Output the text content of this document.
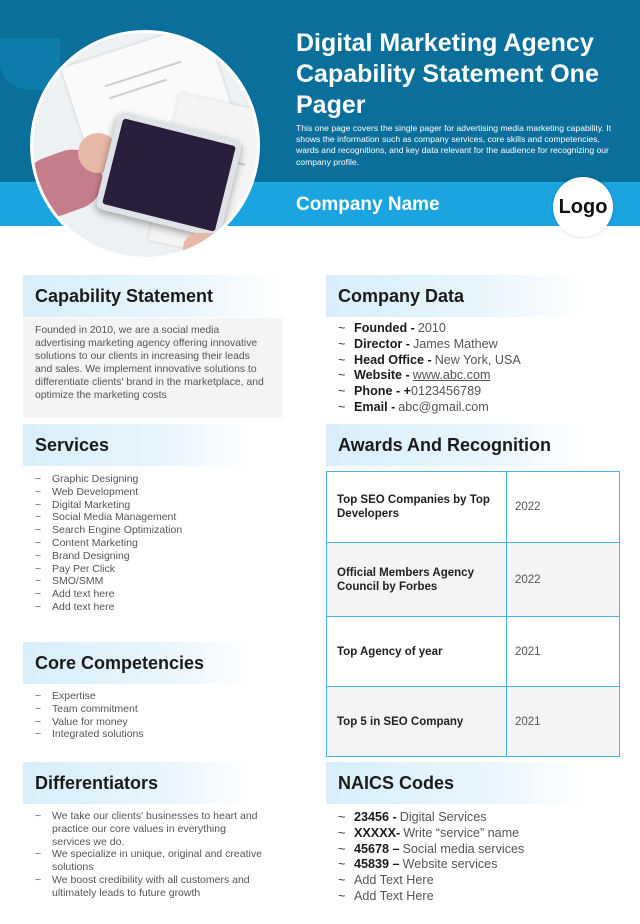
Digital Marketing Agency Capability Statement One Pager
This one page covers the single pager for advertising media marketing capability. It shows the information such as company services, core skills and competencies, wards and recognitions, and key data relevant for the audience for recognizing our company profile.
Company Name	Logo
Capability Statement
Founded in 2010, we are a social media advertising marketing agency offering innovative solutions to our clients in increasing their leads and sales. We implement innovative solutions to differentiate clients' brand in the marketplace, and optimize the marketing costs
Company Data
~ Founded - 2010
~ Director - James Mathew
~ Head Office - New York, USA
~ Website - www.abc.com
~ Phone - + 0123456789
~ Email - abc@gmail.com
Services
~	Graphic Designing
~	Web Development
~	Digital Marketing
~	Social Media Management
~	Search Engine Optimization
~	Content Marketing
~	Brand Designing
~	Pay Per Click
~	SMO/SMM
~	Add text here
~	Add text here
Awards And Recognition
Top SEO Companies by Top Developers	2022
Official Members Agency Council by Forbes	2022
Top Agency of year	2021
Top 5 in SEO Company	2021
Core Competencies
~	Expertise
~	Team commitment
~	Value for money
~	Integrated solutions
Differentiators
~	We take our clients' businesses to heart and practice our core values in everything services we do.
~	We specialize in unique, original and creative solutions
~	We boost credibility with all customers and ultimately leads to future growth
NAICS Codes
~ 23456 - Digital Services
~ XXXXX- Write “service” name
~ 45678 – Social media services
~ 45839 – Website services
~ Add Text Here
~ Add Text Here
